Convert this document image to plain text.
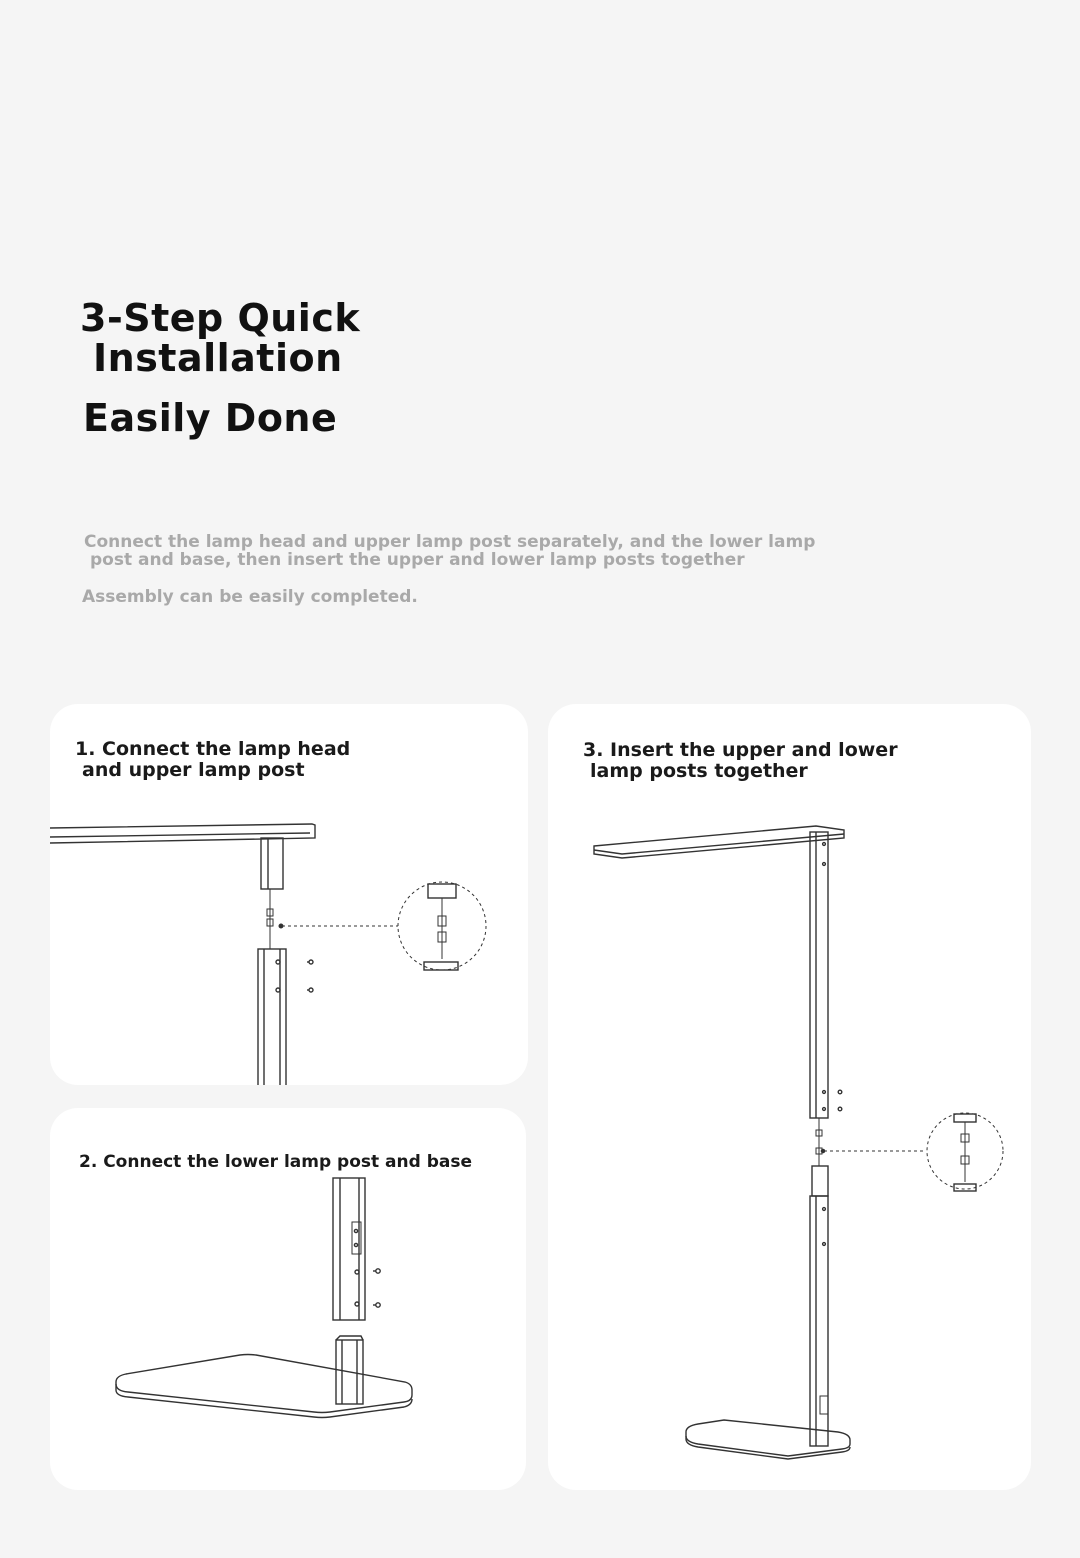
3-Step Quick
Installation
Easily Done
Connect the lamp head and upper lamp post separately, and the lower lamp
post and base, then insert the upper and lower lamp posts together
Assembly can be easily completed.
1. Connect the lamp head
and upper lamp post
2. Connect the lower lamp post and base
3. Insert the upper and lower
lamp posts together
